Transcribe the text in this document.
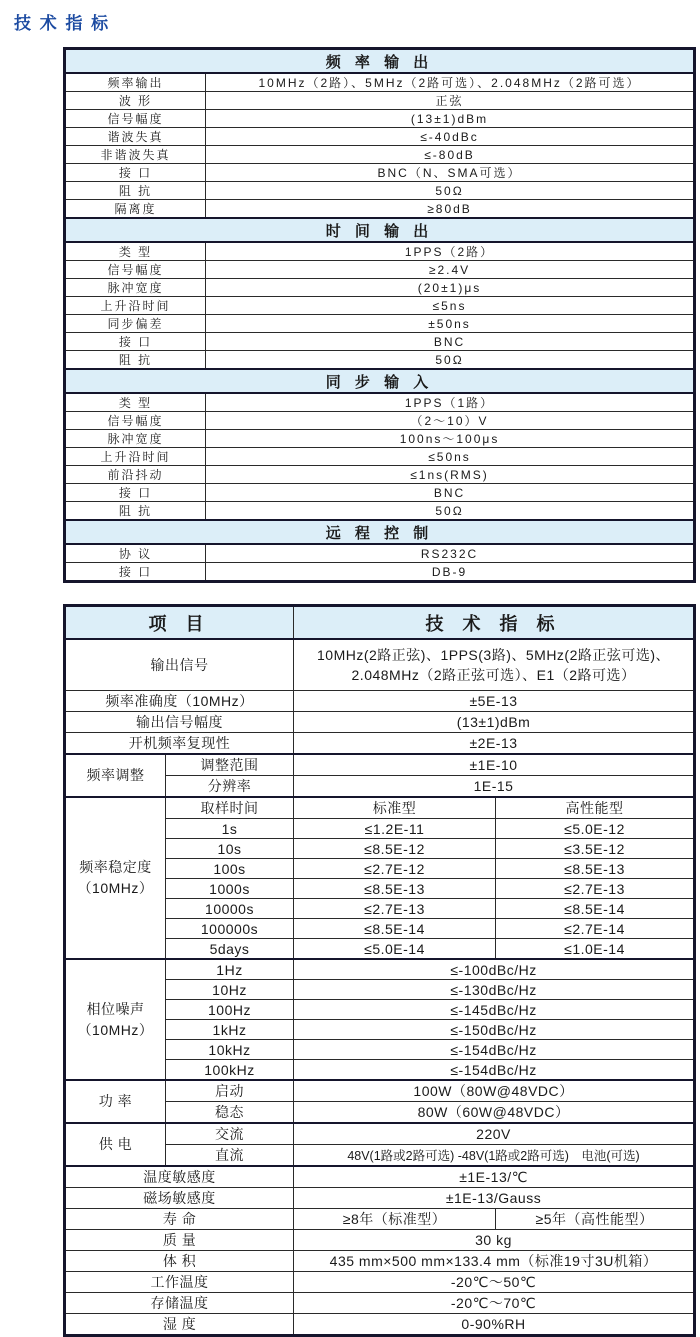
技 术 指 标
频 率 输 出	
频率输出	10MHz（2路）、5MHz（2路可选）、2.048MHz（2路可选）
波 形	正弦
信号幅度	(13±1)dBm
谐波失真	≤-40dBc
非谐波失真	≤-80dB
接 口	BNC（N、SMA可选）
阻 抗	50Ω
隔离度	≥80dB
时 间 输 出	
类 型	1PPS（2路）
信号幅度	≥2.4V
脉冲宽度	(20±1)μs
上升沿时间	≤5ns
同步偏差	±50ns
接 口	BNC
阻 抗	50Ω
同 步 输 入	
类 型	1PPS（1路）
信号幅度	（2～10）V
脉冲宽度	100ns～100μs
上升沿时间	≤50ns
前沿抖动	≤1ns(RMS)
接 口	BNC
阻 抗	50Ω
远 程 控 制	
协 议	RS232C
接 口	DB-9
项 目		技 术 指 标	
输出信号		10MHz(2路正弦)、1PPS(3路)、5MHz(2路正弦可选)、2.048MHz（2路正弦可选）、E1（2路可选）	
频率准确度（10MHz）		±5E-13	
输出信号幅度		(13±1)dBm	
开机频率复现性		±2E-13	
频率调整	调整范围	±1E-10	
	分辨率	1E-15	
频率稳定度 （10MHz）	取样时间	标准型	高性能型
	1s	≤1.2E-11	≤5.0E-12
	10s	≤8.5E-12	≤3.5E-12
	100s	≤2.7E-12	≤8.5E-13
	1000s	≤8.5E-13	≤2.7E-13
	10000s	≤2.7E-13	≤8.5E-14
	100000s	≤8.5E-14	≤2.7E-14
	5days	≤5.0E-14	≤1.0E-14
相位噪声 （10MHz）	1Hz	≤-100dBc/Hz	
	10Hz	≤-130dBc/Hz	
	100Hz	≤-145dBc/Hz	
	1kHz	≤-150dBc/Hz	
	10kHz	≤-154dBc/Hz	
	100kHz	≤-154dBc/Hz	
功 率	启动	100W（80W@48VDC）	
	稳态	80W（60W@48VDC）	
供 电	交流	220V	
	直流	48V(1路或2路可选) -48V(1路或2路可选)　电池(可选)	
温度敏感度		±1E-13/℃	
磁场敏感度		±1E-13/Gauss	
寿 命		≥8年（标准型）	≥5年（高性能型）
质 量		30 kg	
体 积		435 mm×500 mm×133.4 mm（标准19寸3U机箱）	
工作温度		-20℃～50℃	
存储温度		-20℃～70℃	
湿 度		0-90%RH	
